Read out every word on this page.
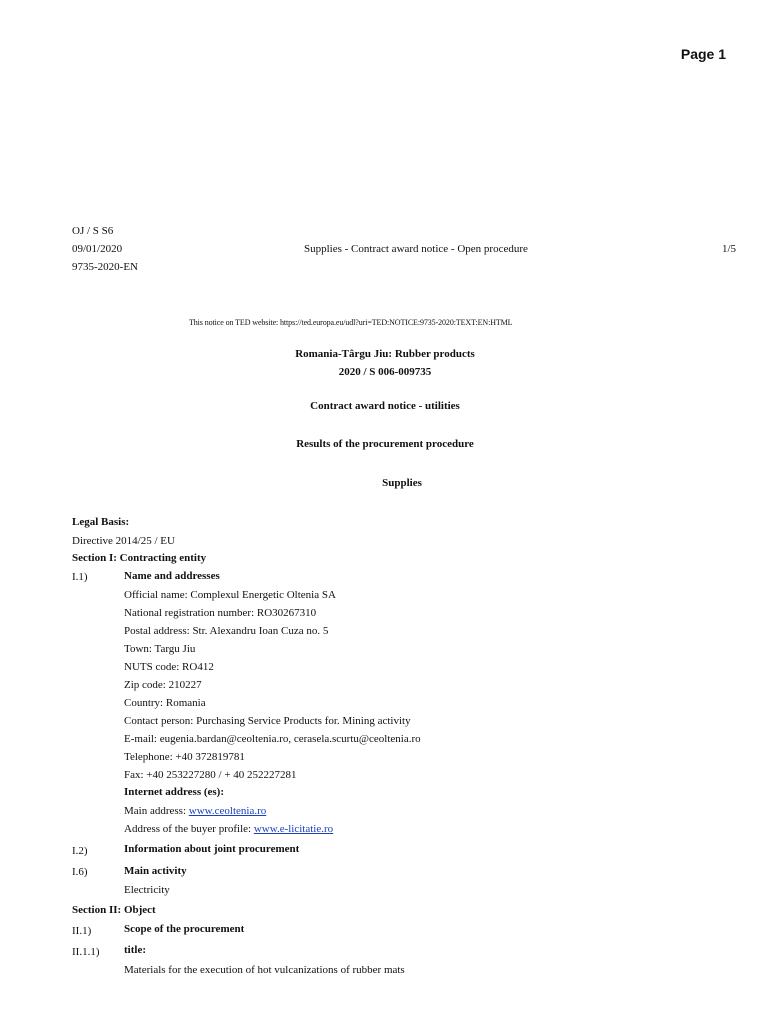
Page 1
OJ / S S6
09/01/2020	Supplies - Contract award notice - Open procedure	1/5
9735-2020-EN
This notice on TED website: https://ted.europa.eu/udl?uri=TED:NOTICE:9735-2020:TEXT:EN:HTML
Romania-Târgu Jiu: Rubber products
2020 / S 006-009735
Contract award notice - utilities
Results of the procurement procedure
Supplies
Legal Basis:
Directive 2014/25 / EU
Section I: Contracting entity
I.1)	Name and addresses
Official name: Complexul Energetic Oltenia SA
National registration number: RO30267310
Postal address: Str. Alexandru Ioan Cuza no. 5
Town: Targu Jiu
NUTS code: RO412
Zip code: 210227
Country: Romania
Contact person: Purchasing Service Products for. Mining activity
E-mail: eugenia.bardan@ceoltenia.ro, cerasela.scurtu@ceoltenia.ro
Telephone: +40 372819781
Fax: +40 253227280 / + 40 252227281
Internet address (es):
Main address: www.ceoltenia.ro
Address of the buyer profile: www.e-licitatie.ro
I.2)	Information about joint procurement
I.6)	Main activity
Electricity
Section II: Object
II.1)	Scope of the procurement
II.1.1) title:
Materials for the execution of hot vulcanizations of rubber mats
